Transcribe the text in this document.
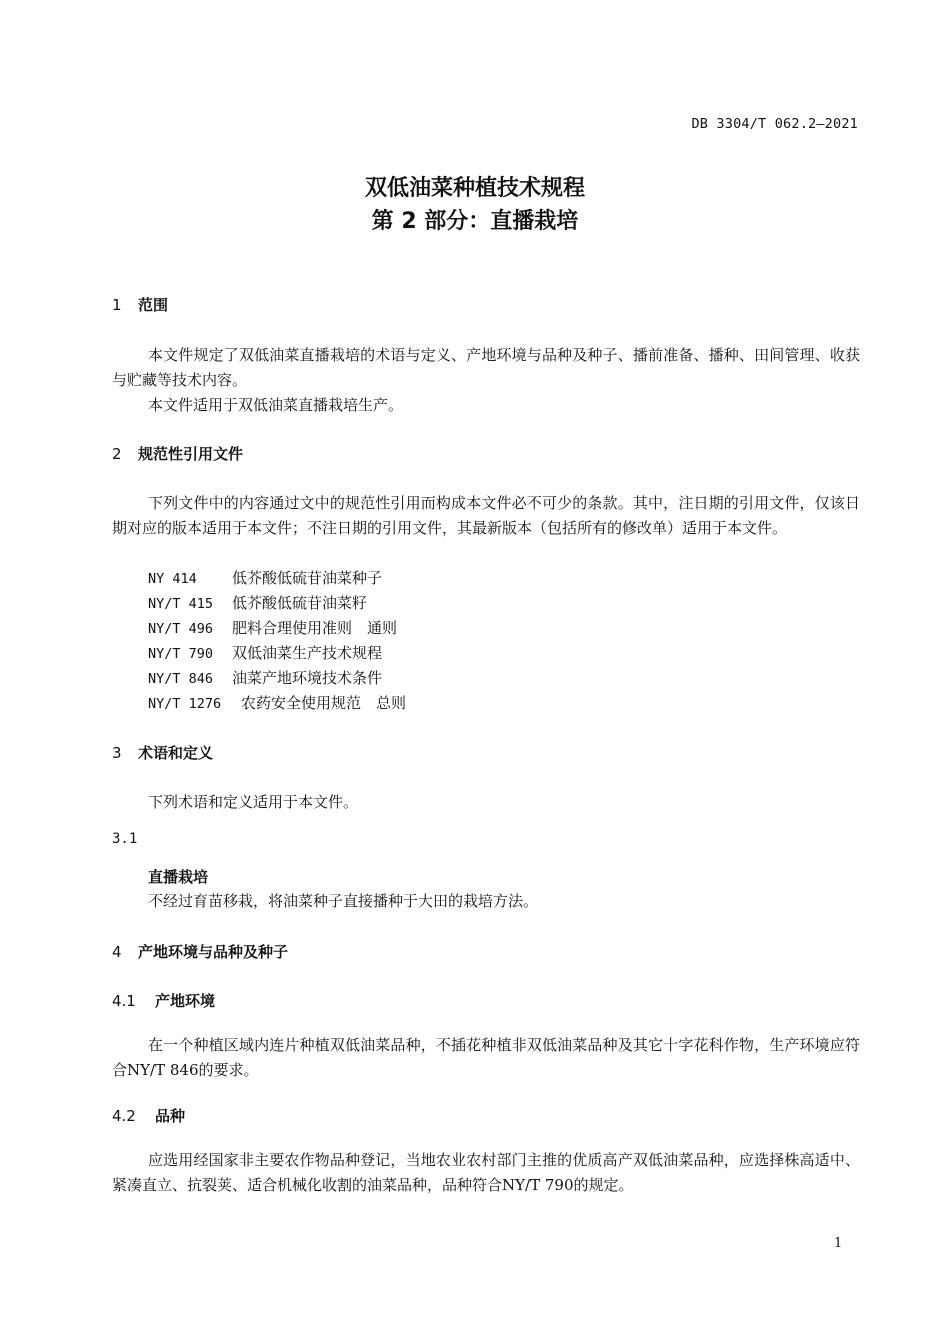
DB 3304/T 062.2—2021
双低油菜种植技术规程
第 2 部分：直播栽培
1 范围
本文件规定了双低油菜直播栽培的术语与定义、产地环境与品种及种子、播前准备、播种、田间管理、收获与贮藏等技术内容。
本文件适用于双低油菜直播栽培生产。
2 规范性引用文件
下列文件中的内容通过文中的规范性引用而构成本文件必不可少的条款。其中，注日期的引用文件，仅该日期对应的版本适用于本文件；不注日期的引用文件，其最新版本（包括所有的修改单）适用于本文件。
NY 414 低芥酸低硫苷油菜种子
NY/T 415 低芥酸低硫苷油菜籽
NY/T 496 肥料合理使用准则　通则
NY/T 790 双低油菜生产技术规程
NY/T 846 油菜产地环境技术条件
NY/T 1276 农药安全使用规范　总则
3 术语和定义
下列术语和定义适用于本文件。
3.1
直播栽培
不经过育苗移栽，将油菜种子直接播种于大田的栽培方法。
4 产地环境与品种及种子
4.1 产地环境
在一个种植区域内连片种植双低油菜品种，不插花种植非双低油菜品种及其它十字花科作物，生产环境应符合NY/T 846的要求。
4.2 品种
应选用经国家非主要农作物品种登记，当地农业农村部门主推的优质高产双低油菜品种，应选择株高适中、紧凑直立、抗裂荚、适合机械化收割的油菜品种，品种符合NY/T 790的规定。
1
